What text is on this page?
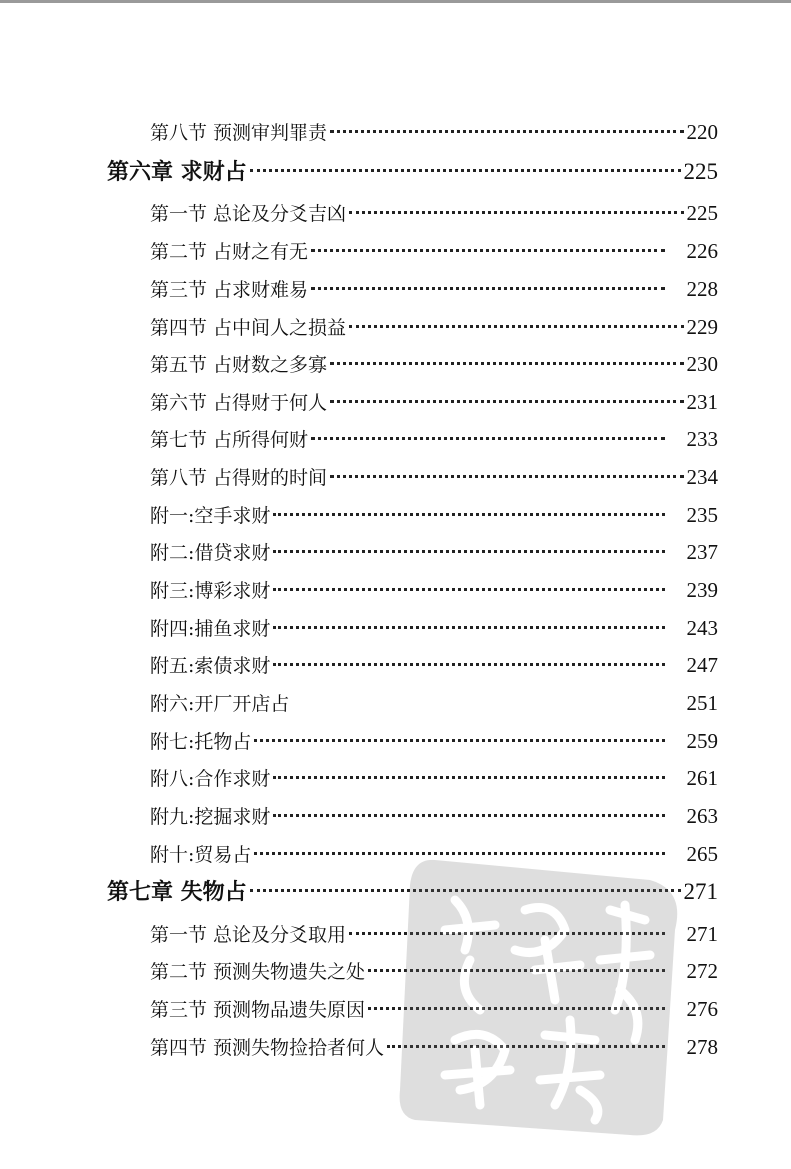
第八节 预测审判罪责	220
第六章 求财占	225
第一节 总论及分爻吉凶	225
第二节 占财之有无	226
第三节 占求财难易	228
第四节 占中间人之损益	229
第五节 占财数之多寡	230
第六节 占得财于何人	231
第七节 占所得何财	233
第八节 占得财的时间	234
附一:空手求财	235
附二:借贷求财	237
附三:博彩求财	239
附四:捕鱼求财	243
附五:索债求财	247
附六:开厂开店占	251
附七:托物占	259
附八:合作求财	261
附九:挖掘求财	263
附十:贸易占	265
第七章 失物占	271
第一节 总论及分爻取用	271
第二节 预测失物遗失之处	272
第三节 预测物品遗失原因	276
第四节 预测失物捡拾者何人	278
